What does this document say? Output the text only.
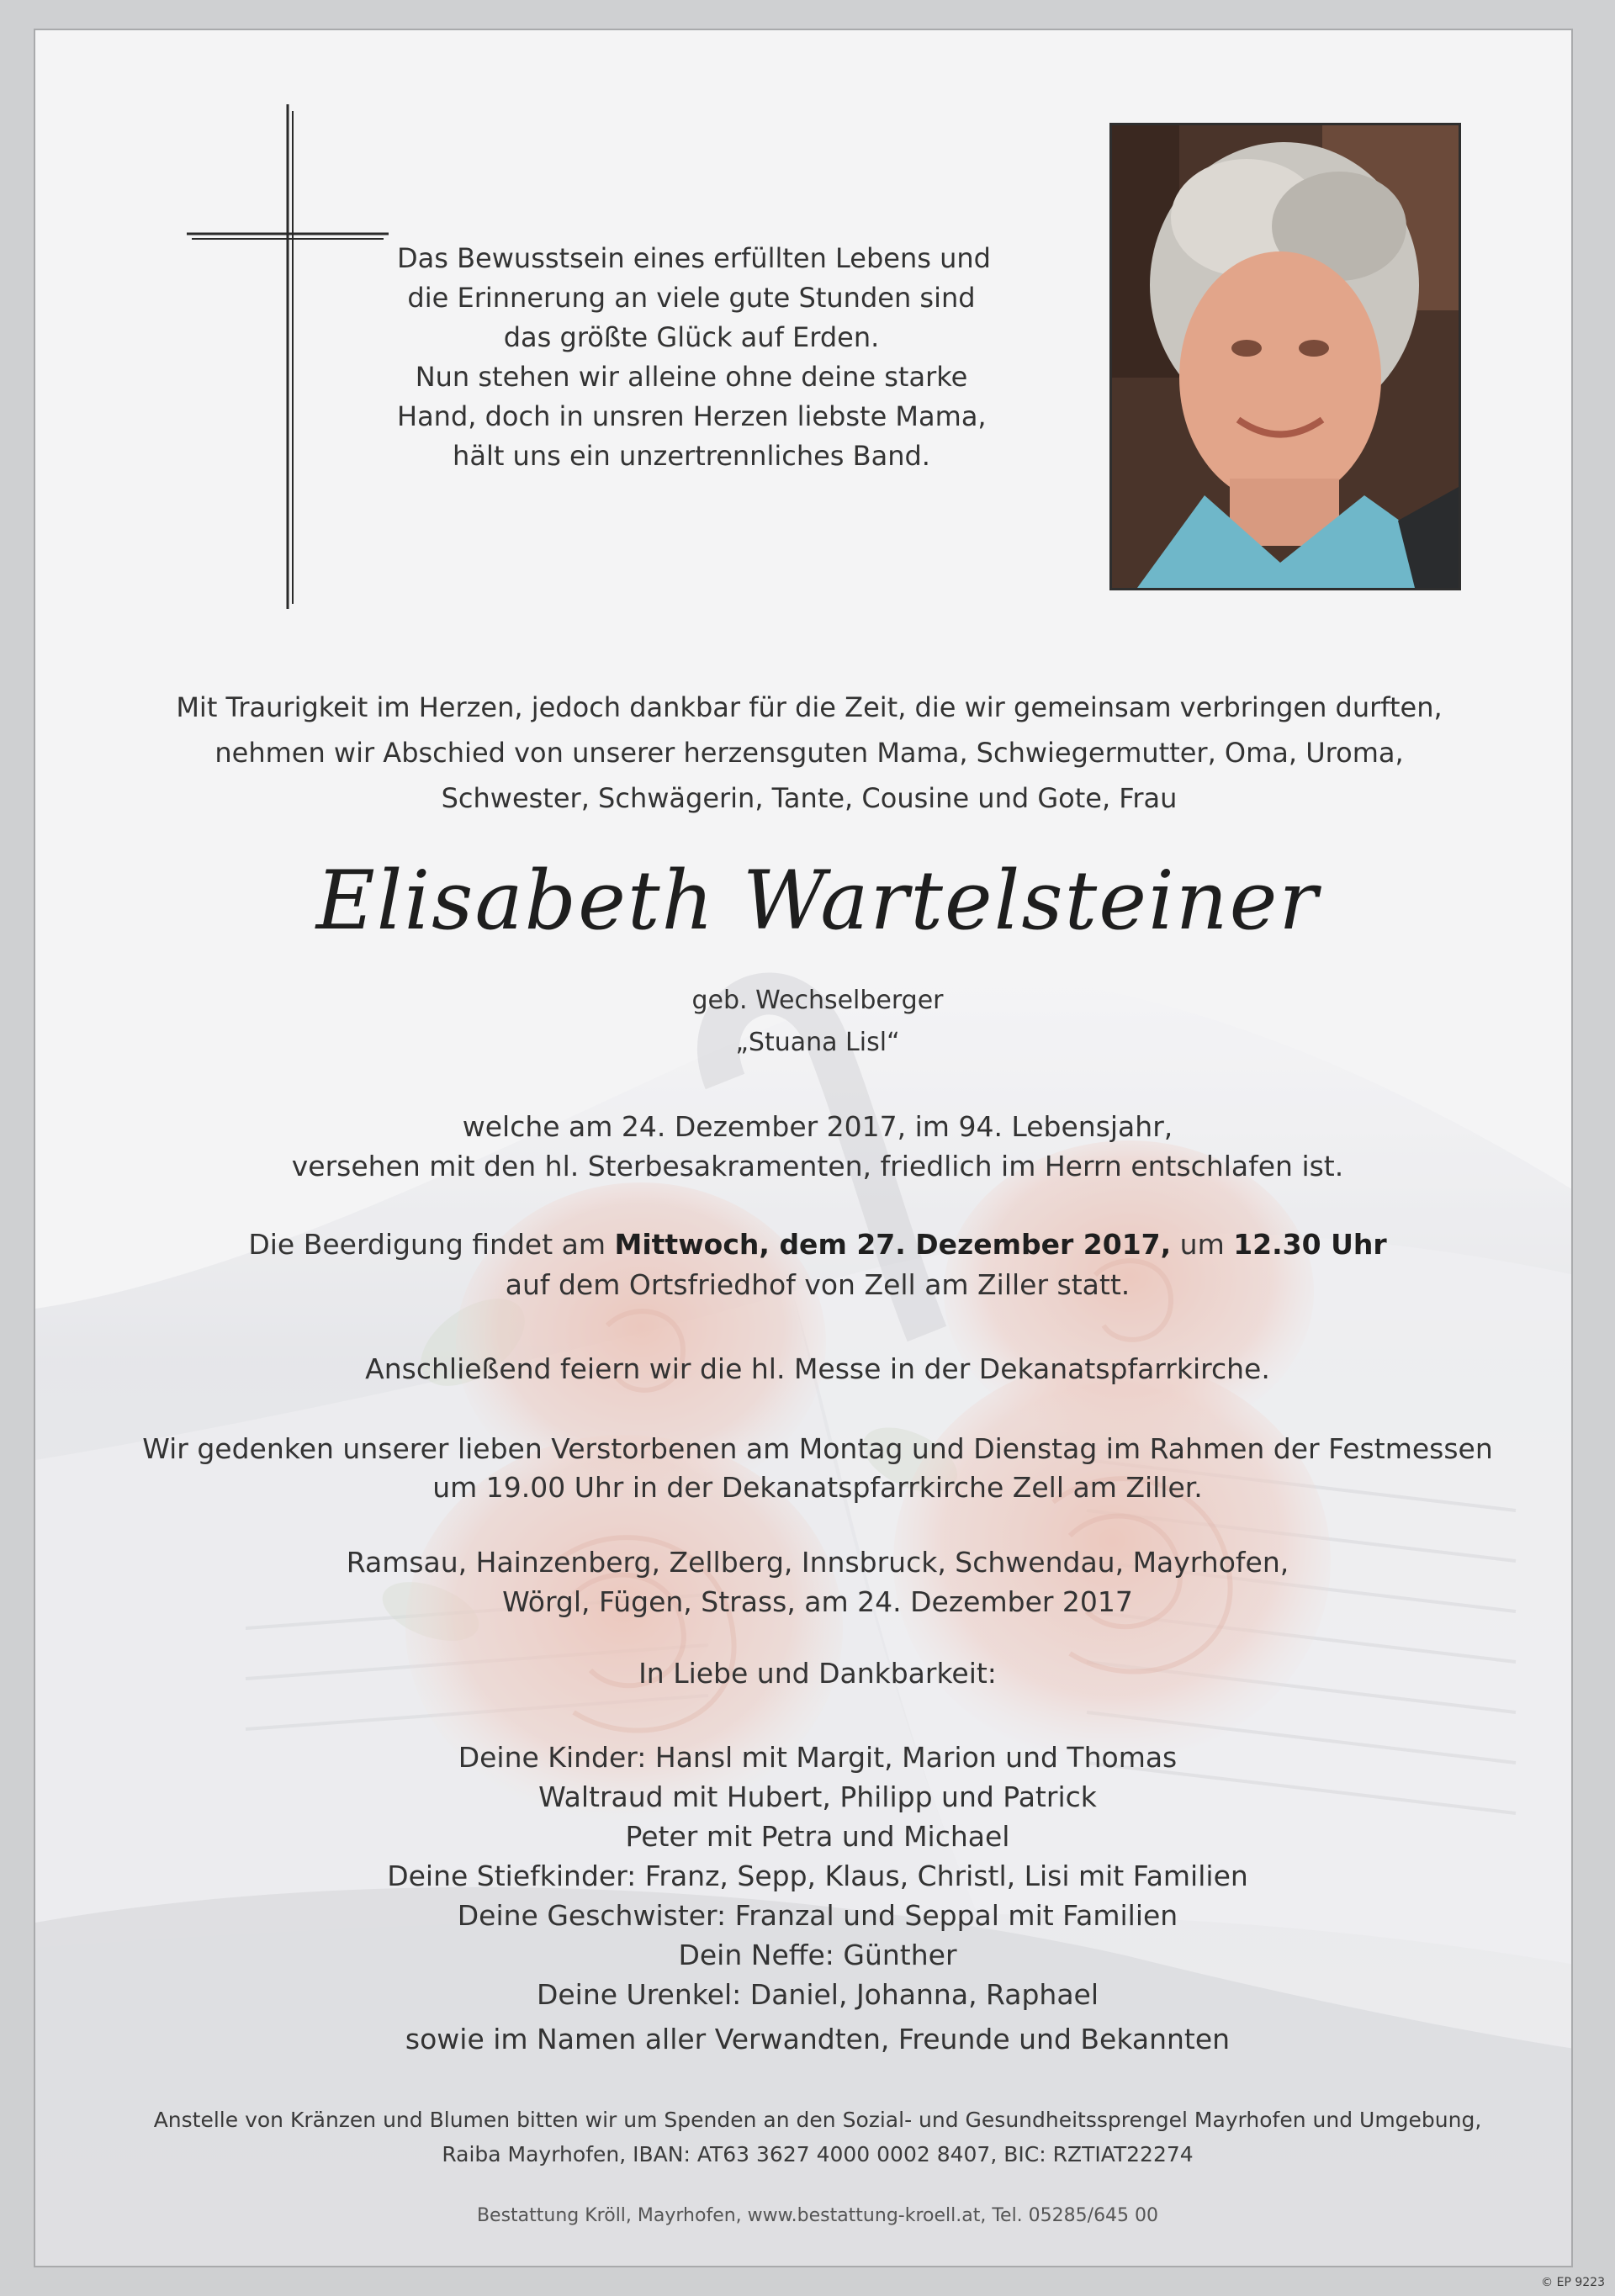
Das Bewusstsein eines erfüllten Lebens und
die Erinnerung an viele gute Stunden sind
das größte Glück auf Erden.
Nun stehen wir alleine ohne deine starke
Hand, doch in unsren Herzen liebste Mama,
hält uns ein unzertrennliches Band.
Mit Traurigkeit im Herzen, jedoch dankbar für die Zeit, die wir gemeinsam verbringen durften,
nehmen wir Abschied von unserer herzensguten Mama, Schwiegermutter, Oma, Uroma,
Schwester, Schwägerin, Tante, Cousine und Gote, Frau
Elisabeth Wartelsteiner
geb. Wechselberger
„Stuana Lisl“
welche am 24. Dezember 2017, im 94. Lebensjahr,
versehen mit den hl. Sterbesakramenten, friedlich im Herrn entschlafen ist.
Die Beerdigung findet am Mittwoch, dem 27. Dezember 2017, um 12.30 Uhr
auf dem Ortsfriedhof von Zell am Ziller statt.
Anschließend feiern wir die hl. Messe in der Dekanatspfarrkirche.
Wir gedenken unserer lieben Verstorbenen am Montag und Dienstag im Rahmen der Festmessen
um 19.00 Uhr in der Dekanatspfarrkirche Zell am Ziller.
Ramsau, Hainzenberg, Zellberg, Innsbruck, Schwendau, Mayrhofen,
Wörgl, Fügen, Strass, am 24. Dezember 2017
In Liebe und Dankbarkeit:
Deine Kinder: Hansl mit Margit, Marion und Thomas
Waltraud mit Hubert, Philipp und Patrick
Peter mit Petra und Michael
Deine Stiefkinder: Franz, Sepp, Klaus, Christl, Lisi mit Familien
Deine Geschwister: Franzal und Seppal mit Familien
Dein Neffe: Günther
Deine Urenkel: Daniel, Johanna, Raphael
sowie im Namen aller Verwandten, Freunde und Bekannten
Anstelle von Kränzen und Blumen bitten wir um Spenden an den Sozial- und Gesundheitssprengel Mayrhofen und Umgebung,
Raiba Mayrhofen, IBAN: AT63 3627 4000 0002 8407, BIC: RZTIAT22274
Bestattung Kröll, Mayrhofen, www.bestattung-kroell.at, Tel. 05285/645 00
© EP 9223
